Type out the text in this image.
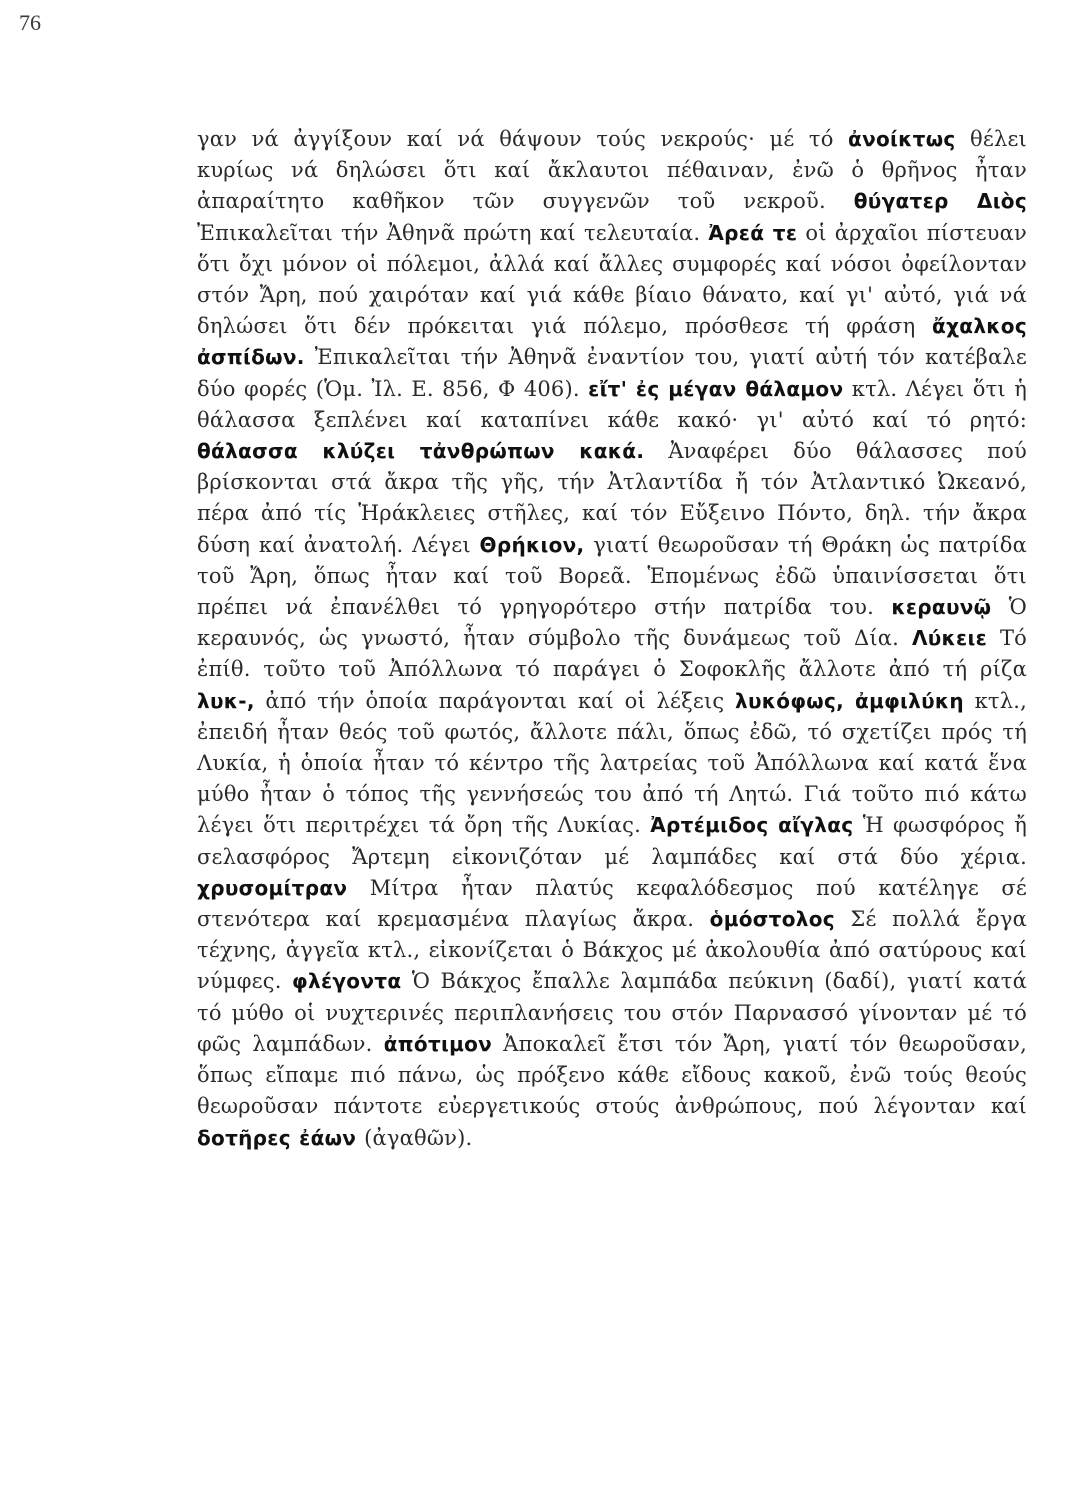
76

γαν νά ἀγγίξουν καί νά θάψουν τούς νεκρούς· μέ τό ἀνοίκτως θέλει κυρίως νά δηλώσει ὅτι καί ἄκλαυτοι πέθαιναν, ἐνῶ ὁ θρῆνος ἦταν ἀπαραίτητο καθῆκον τῶν συγγενῶν τοῦ νεκροῦ. θύγατερ Διὸς Ἐπικαλεῖται τήν Ἀθηνᾶ πρώτη καί τελευταία. Ἀρεά τε οἱ ἀρχαῖοι πίστευαν ὅτι ὄχι μόνον οἱ πόλεμοι, ἀλλά καί ἄλλες συμφορές καί νόσοι ὀφείλονταν στόν Ἄρη, πού χαιρόταν καί γιά κάθε βίαιο θάνατο, καί γι' αὐτό, γιά νά δηλώσει ὅτι δέν πρόκειται γιά πόλεμο, πρόσθεσε τή φράση ἄχαλκος ἀσπίδων. Ἐπικαλεῖται τήν Ἀθηνᾶ ἐναντίον του, γιατί αὐτή τόν κατέβαλε δύο φορές (Ὁμ. Ἰλ. Ε. 856, Φ 406). εἴτ' ἐς μέγαν θάλαμον κτλ. Λέγει ὅτι ἡ θάλασσα ξεπλένει καί καταπίνει κάθε κακό· γι' αὐτό καί τό ρητό: θάλασσα κλύζει τἀνθρώπων κακά. Ἀναφέρει δύο θάλασσες πού βρίσκονται στά ἄκρα τῆς γῆς, τήν Ἀτλαντίδα ἤ τόν Ἀτλαντικό Ὠκεανό, πέρα ἀπό τίς Ἡράκλειες στῆλες, καί τόν Εὔξεινο Πόντο, δηλ. τήν ἄκρα δύση καί ἀνατολή. Λέγει Θρήκιον, γιατί θεωροῦσαν τή Θράκη ὡς πατρίδα τοῦ Ἄρη, ὅπως ἦταν καί τοῦ Βορεᾶ. Ἑπομένως ἐδῶ ὑπαινίσσεται ὅτι πρέπει νά ἐπανέλθει τό γρηγορότερο στήν πατρίδα του. κεραυνῷ Ὁ κεραυνός, ὡς γνωστό, ἦταν σύμβολο τῆς δυνάμεως τοῦ Δία. Λύκειε Τό ἐπίθ. τοῦτο τοῦ Ἀπόλλωνα τό παράγει ὁ Σοφοκλῆς ἄλλοτε ἀπό τή ρίζα λυκ-, ἀπό τήν ὁποία παράγονται καί οἱ λέξεις λυκόφως, ἀμφιλύκη κτλ., ἐπειδή ἦταν θεός τοῦ φωτός, ἄλλοτε πάλι, ὅπως ἐδῶ, τό σχετίζει πρός τή Λυκία, ἡ ὁποία ἦταν τό κέντρο τῆς λατρείας τοῦ Ἀπόλλωνα καί κατά ἕνα μύθο ἦταν ὁ τόπος τῆς γεννήσεώς του ἀπό τή Λητώ. Γιά τοῦτο πιό κάτω λέγει ὅτι περιτρέχει τά ὄρη τῆς Λυκίας. Ἀρτέμιδος αἴγλας Ἡ φωσφόρος ἤ σελασφόρος Ἄρτεμη εἰκονιζόταν μέ λαμπάδες καί στά δύο χέρια. χρυσομίτραν Μίτρα ἦταν πλατύς κεφαλόδεσμος πού κατέληγε σέ στενότερα καί κρεμασμένα πλαγίως ἄκρα. ὁμόστολος Σέ πολλά ἔργα τέχνης, ἀγγεῖα κτλ., εἰκονίζεται ὁ Βάκχος μέ ἀκολουθία ἀπό σατύρους καί νύμφες. φλέγοντα Ὁ Βάκχος ἔπαλλε λαμπάδα πεύκινη (δαδί), γιατί κατά τό μύθο οἱ νυχτερινές περιπλανήσεις του στόν Παρνασσό γίνονταν μέ τό φῶς λαμπάδων. ἀπότιμον Ἀποκαλεῖ ἔτσι τόν Ἄρη, γιατί τόν θεωροῦσαν, ὅπως εἴπαμε πιό πάνω, ὡς πρόξενο κάθε εἴδους κακοῦ, ἐνῶ τούς θεούς θεωροῦσαν πάντοτε εὐεργετικούς στούς ἀνθρώπους, πού λέγονταν καί δοτῆρες ἐάων (ἀγαθῶν).
